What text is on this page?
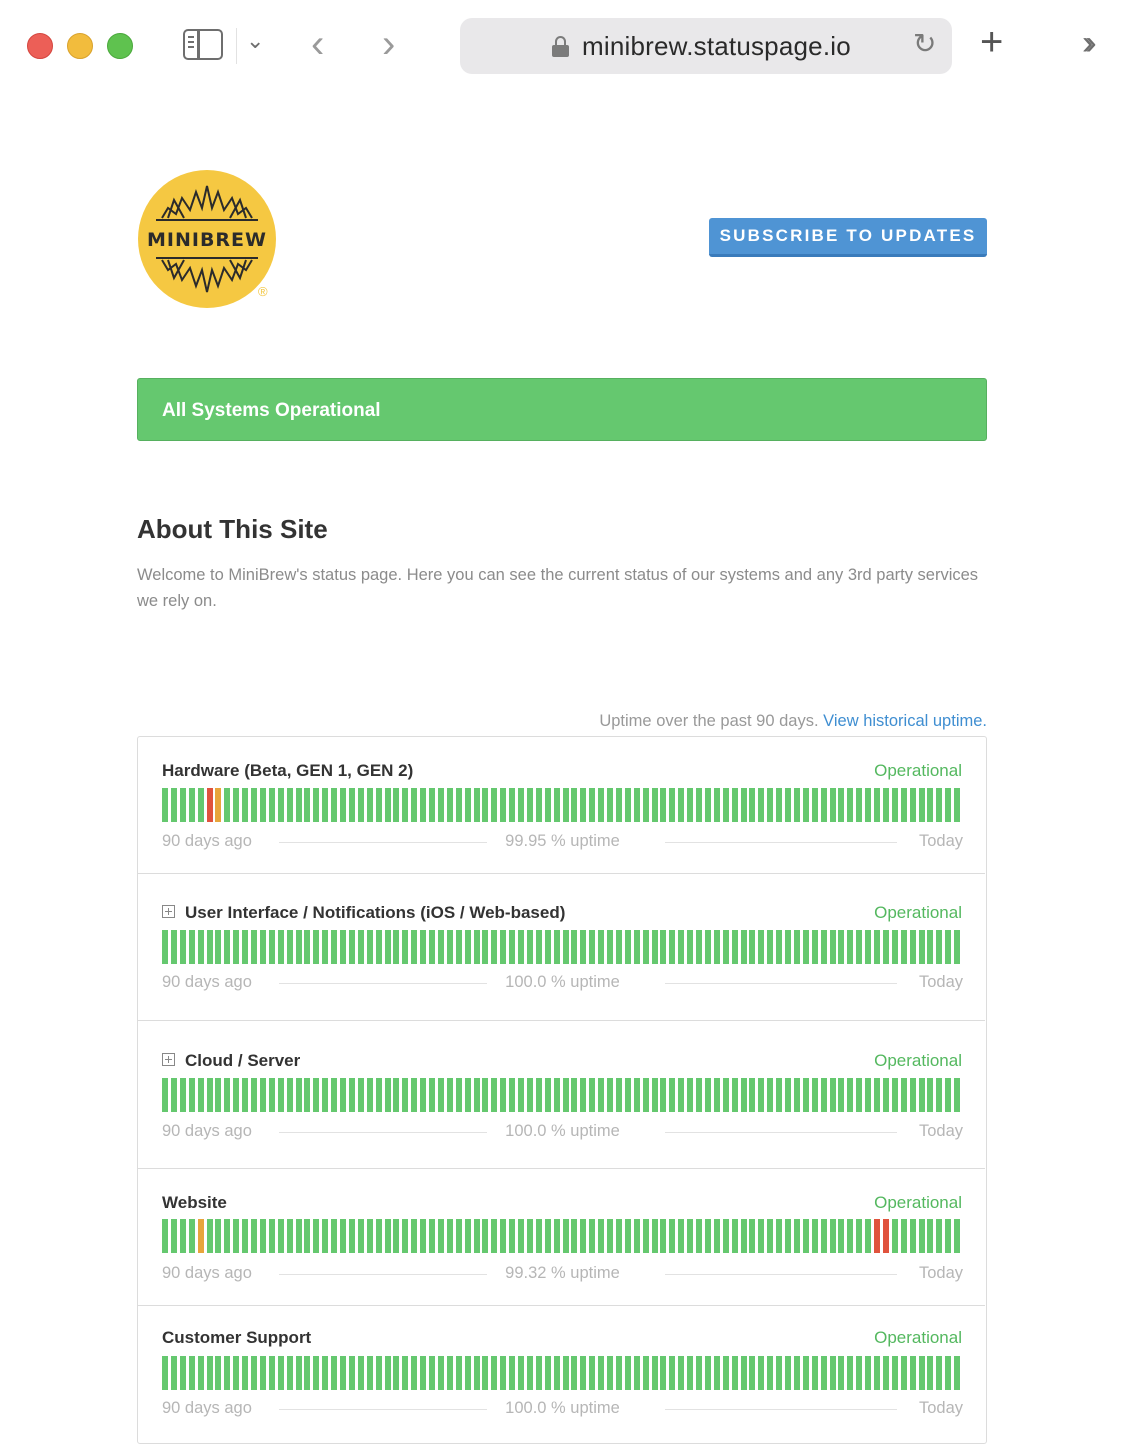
⌄ ‹ ›	minibrew.statuspage.io ↻ + ››
MINIBREW
®
SUBSCRIBE TO UPDATES
All Systems Operational
About This Site

Welcome to MiniBrew's status page. Here you can see the current status of our systems and any 3rd party services we rely on.

Uptime over the past 90 days. View historical uptime.
Hardware (Beta, GEN 1, GEN 2)	Operational
90 days ago	99.95 % uptime	Today
User Interface / Notifications (iOS / Web-based)	Operational
90 days ago	100.0 % uptime	Today
Cloud / Server	Operational
90 days ago	100.0 % uptime	Today
Website	Operational
90 days ago	99.32 % uptime	Today
Customer Support	Operational
90 days ago	100.0 % uptime	Today
